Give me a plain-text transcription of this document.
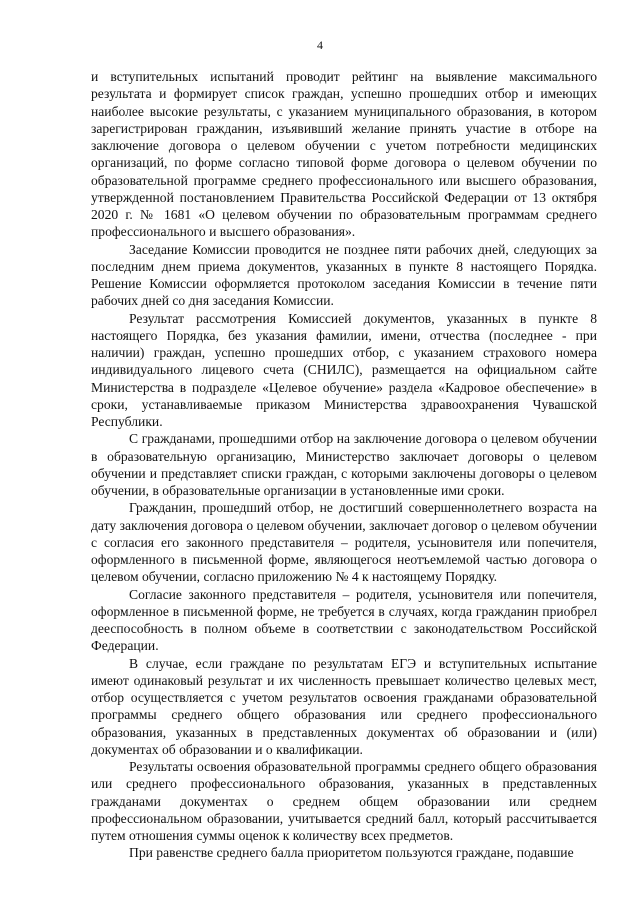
4

и вступительных испытаний проводит рейтинг на выявление максимального результата и формирует список граждан, успешно прошедших отбор и имеющих наиболее высокие результаты, с указанием муниципального образования, в котором зарегистрирован гражданин, изъявивший желание принять участие в отборе на заключение договора о целевом обучении с учетом потребности медицинских организаций, по форме согласно типовой форме договора о целевом обучении по образовательной программе среднего профессионального или высшего образования, утвержденной постановлением Правительства Российской Федерации от 13 октября 2020 г. № 1681 «О целевом обучении по образовательным программам среднего профессионального и высшего образования».

Заседание Комиссии проводится не позднее пяти рабочих дней, следующих за последним днем приема документов, указанных в пункте 8 настоящего Порядка. Решение Комиссии оформляется протоколом заседания Комиссии в течение пяти рабочих дней со дня заседания Комиссии.

Результат рассмотрения Комиссией документов, указанных в пункте 8 настоящего Порядка, без указания фамилии, имени, отчества (последнее - при наличии) граждан, успешно прошедших отбор, с указанием страхового номера индивидуального лицевого счета (СНИЛС), размещается на официальном сайте Министерства в подразделе «Целевое обучение» раздела «Кадровое обеспечение» в сроки, устанавливаемые приказом Министерства здравоохранения Чувашской Республики.

С гражданами, прошедшими отбор на заключение договора о целевом обучении в образовательную организацию, Министерство заключает договоры о целевом обучении и представляет списки граждан, с которыми заключены договоры о целевом обучении, в образовательные организации в установленные ими сроки.

Гражданин, прошедший отбор, не достигший совершеннолетнего возраста на дату заключения договора о целевом обучении, заключает договор о целевом обучении с согласия его законного представителя – родителя, усыновителя или попечителя, оформленного в письменной форме, являющегося неотъемлемой частью договора о целевом обучении, согласно приложению № 4 к настоящему Порядку.

Согласие законного представителя – родителя, усыновителя или попечителя, оформленное в письменной форме, не требуется в случаях, когда гражданин приобрел дееспособность в полном объеме в соответствии с законодательством Российской Федерации.

В случае, если граждане по результатам ЕГЭ и вступительных испытание имеют одинаковый результат и их численность превышает количество целевых мест, отбор осуществляется с учетом результатов освоения гражданами образовательной программы среднего общего образования или среднего профессионального образования, указанных в представленных документах об образовании и (или) документах об образовании и о квалификации.

Результаты освоения образовательной программы среднего общего образования или среднего профессионального образования, указанных в представленных гражданами документах о среднем общем образовании или среднем профессиональном образовании, учитывается средний балл, который рассчитывается путем отношения суммы оценок к количеству всех предметов.

При равенстве среднего балла приоритетом пользуются граждане, подавшие
